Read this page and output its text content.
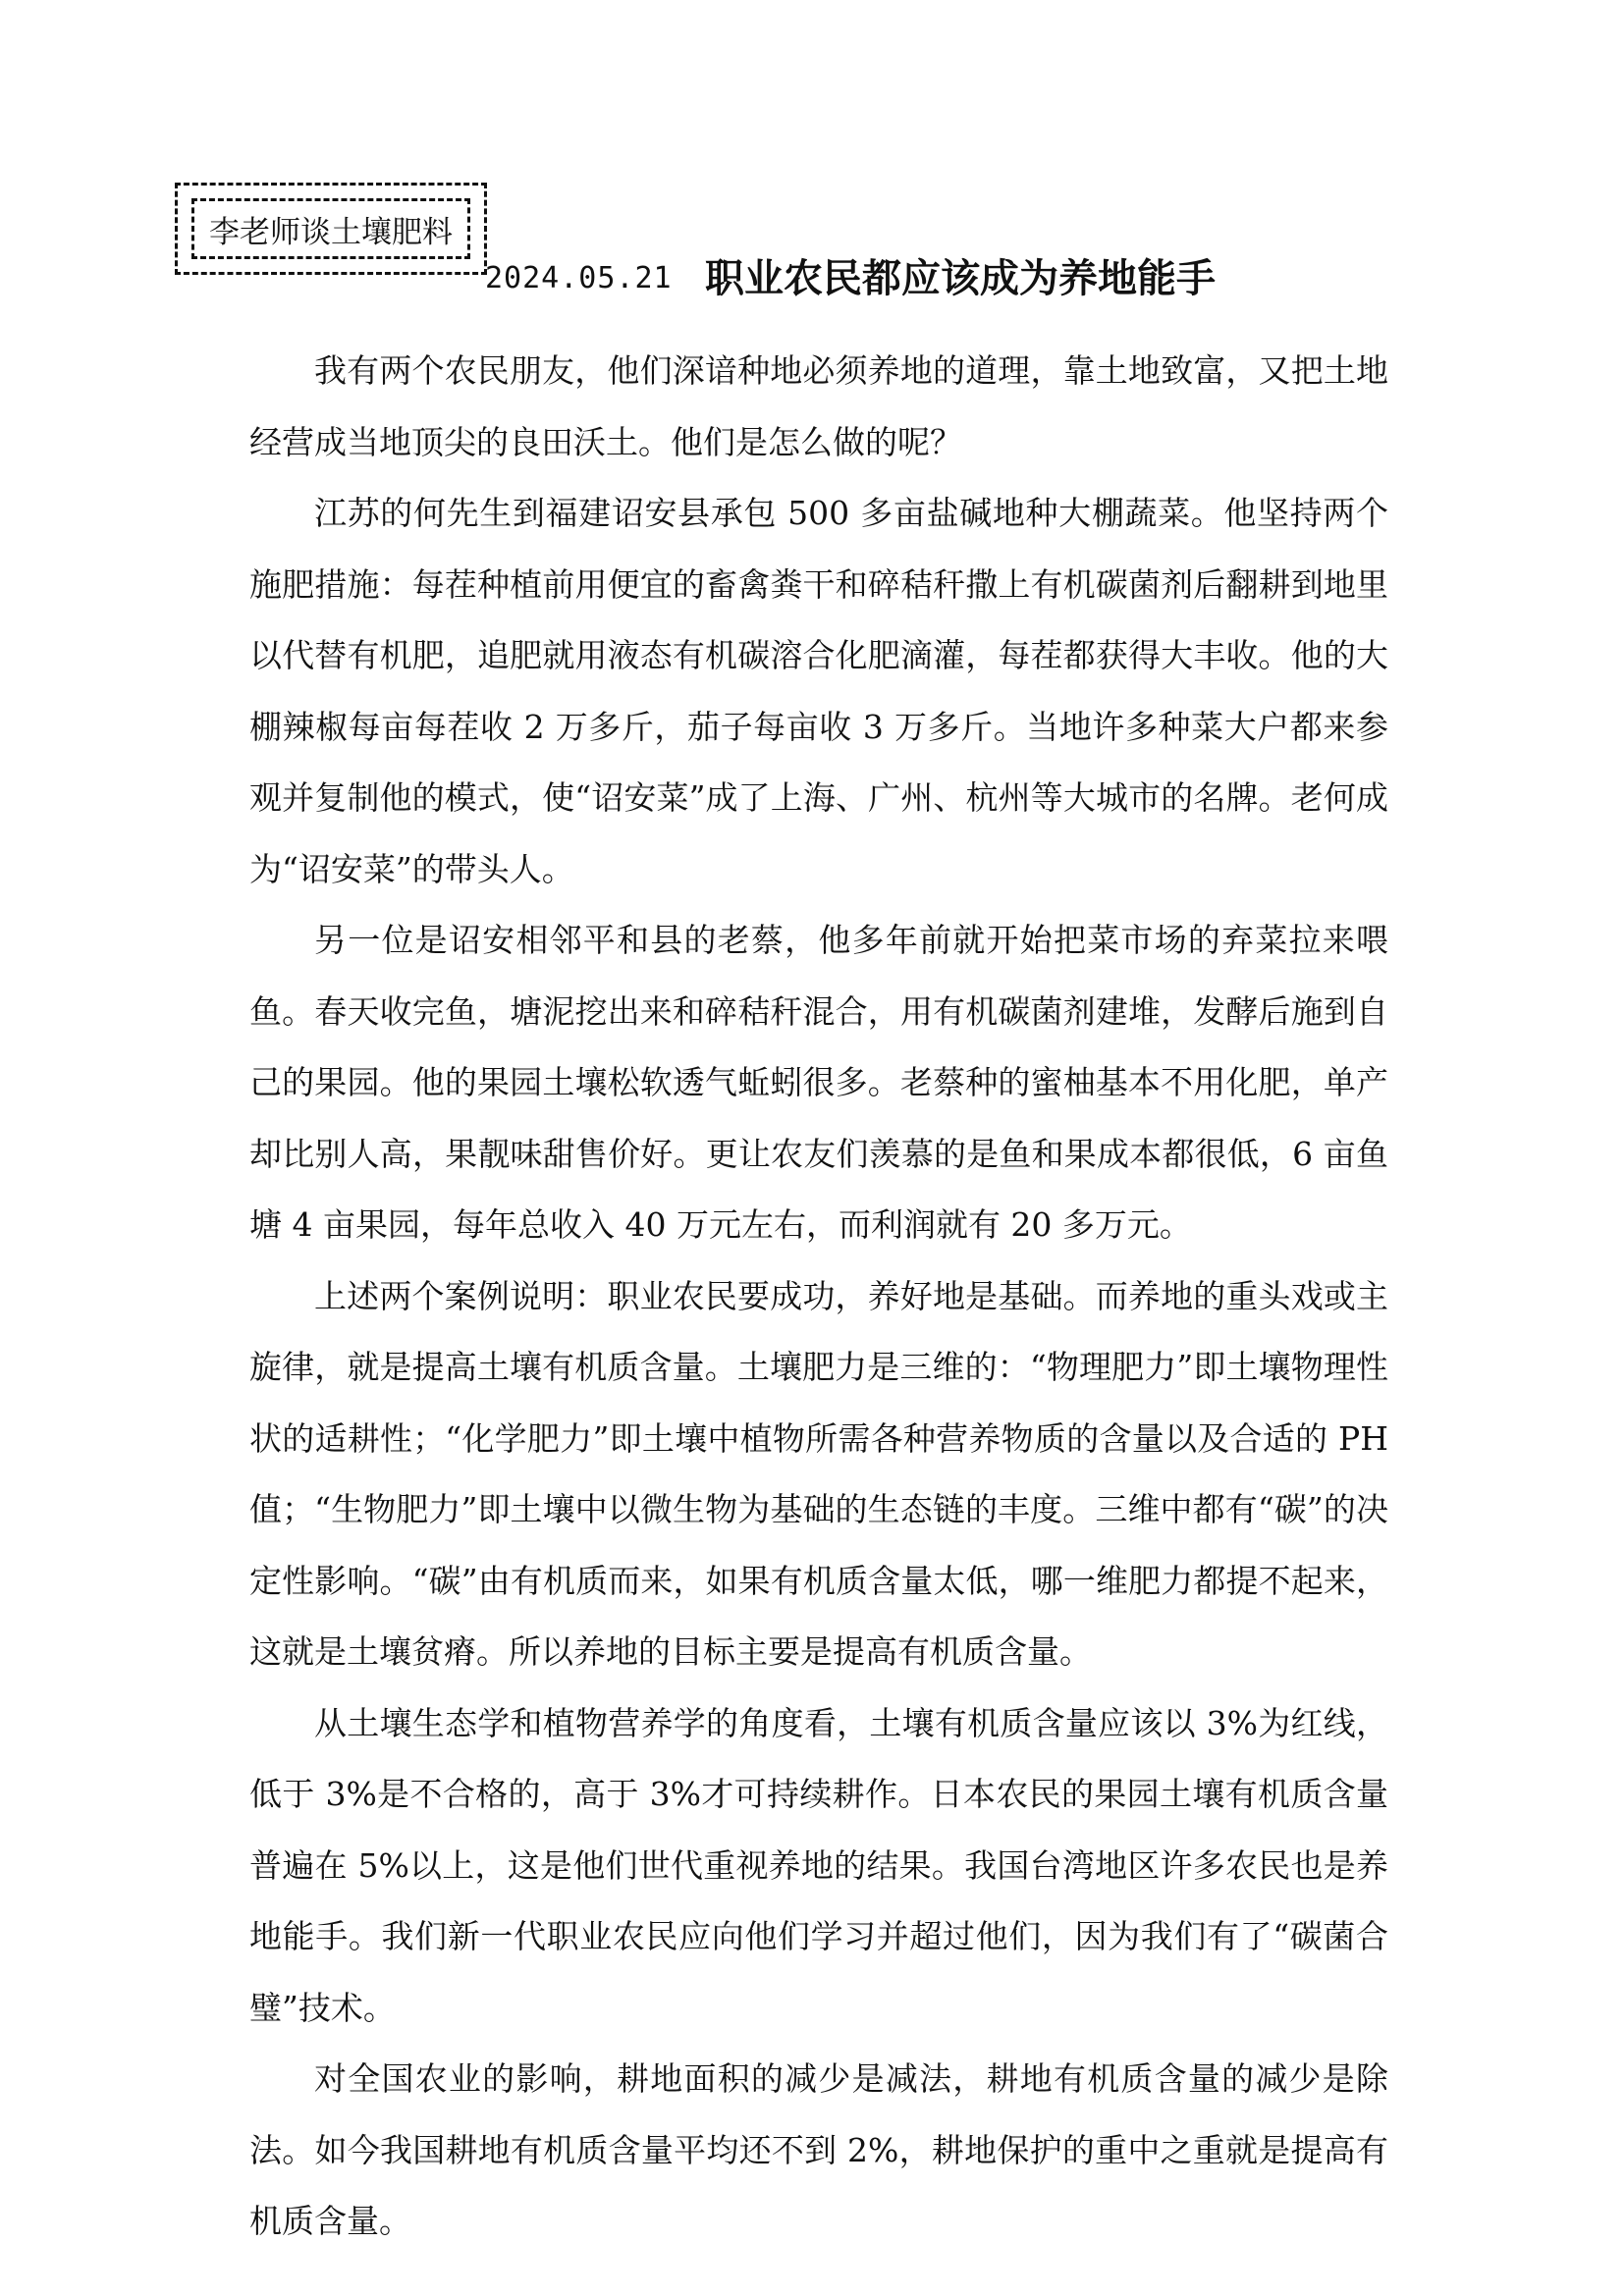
李老师谈土壤肥料
2024.05.21 职业农民都应该成为养地能手

我有两个农民朋友，他们深谙种地必须养地的道理，靠土地致富，又把土地经营成当地顶尖的良田沃土。他们是怎么做的呢？

江苏的何先生到福建诏安县承包 500 多亩盐碱地种大棚蔬菜。他坚持两个施肥措施：每茬种植前用便宜的畜禽粪干和碎秸秆撒上有机碳菌剂后翻耕到地里以代替有机肥，追肥就用液态有机碳溶合化肥滴灌，每茬都获得大丰收。他的大棚辣椒每亩每茬收 2 万多斤，茄子每亩收 3 万多斤。当地许多种菜大户都来参观并复制他的模式，使“诏安菜”成了上海、广州、杭州等大城市的名牌。老何成为“诏安菜”的带头人。

另一位是诏安相邻平和县的老蔡，他多年前就开始把菜市场的弃菜拉来喂鱼。春天收完鱼，塘泥挖出来和碎秸秆混合，用有机碳菌剂建堆，发酵后施到自己的果园。他的果园土壤松软透气蚯蚓很多。老蔡种的蜜柚基本不用化肥，单产却比别人高，果靓味甜售价好。更让农友们羡慕的是鱼和果成本都很低，6 亩鱼塘 4 亩果园，每年总收入 40 万元左右，而利润就有 20 多万元。

上述两个案例说明：职业农民要成功，养好地是基础。而养地的重头戏或主旋律，就是提高土壤有机质含量。土壤肥力是三维的：“物理肥力”即土壤物理性状的适耕性；“化学肥力”即土壤中植物所需各种营养物质的含量以及合适的 PH 值；“生物肥力”即土壤中以微生物为基础的生态链的丰度。三维中都有“碳”的决定性影响。“碳”由有机质而来，如果有机质含量太低，哪一维肥力都提不起来，这就是土壤贫瘠。所以养地的目标主要是提高有机质含量。

从土壤生态学和植物营养学的角度看，土壤有机质含量应该以 3%为红线，低于 3%是不合格的，高于 3%才可持续耕作。日本农民的果园土壤有机质含量普遍在 5%以上，这是他们世代重视养地的结果。我国台湾地区许多农民也是养地能手。我们新一代职业农民应向他们学习并超过他们，因为我们有了“碳菌合璧”技术。

对全国农业的影响，耕地面积的减少是减法，耕地有机质含量的减少是除法。如今我国耕地有机质含量平均还不到 2%，耕地保护的重中之重就是提高有机质含量。
